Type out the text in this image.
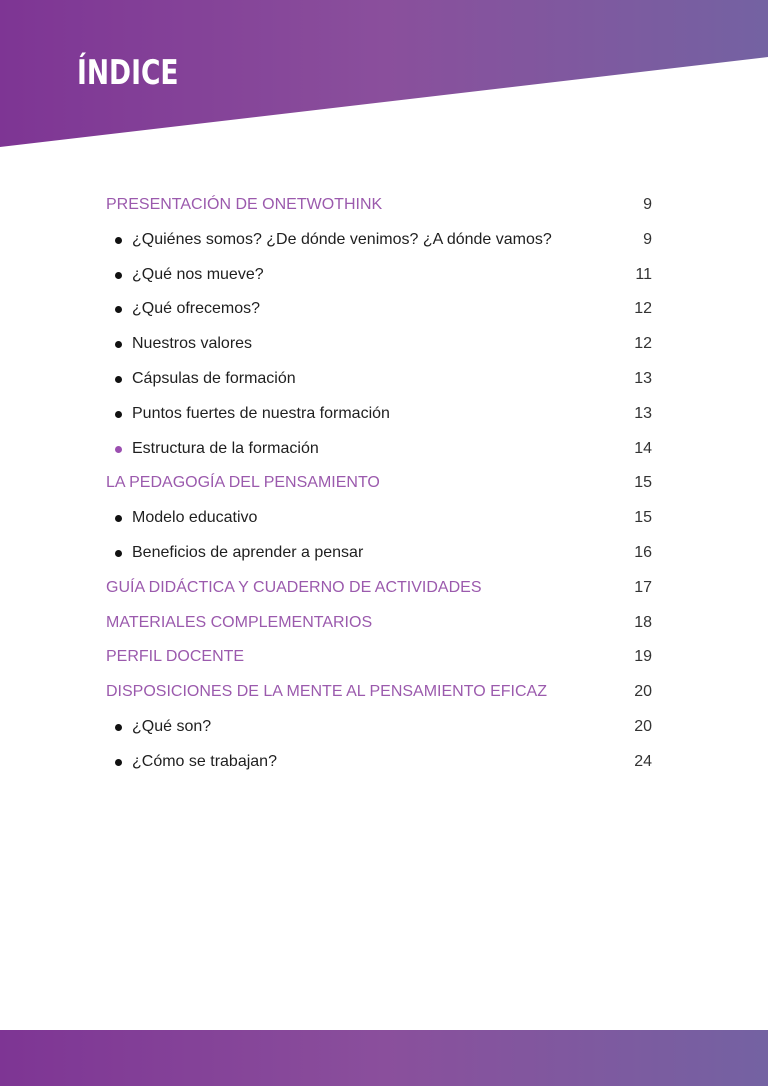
ÍNDICE
PRESENTACIÓN DE ONETWOTHINK	9
¿Quiénes somos? ¿De dónde venimos? ¿A dónde vamos?	9
¿Qué nos mueve?	11
¿Qué ofrecemos?	12
Nuestros valores	12
Cápsulas de formación	13
Puntos fuertes de nuestra formación	13
Estructura de la formación	14
LA PEDAGOGÍA DEL PENSAMIENTO	15
Modelo educativo	15
Beneficios de aprender a pensar	16
GUÍA DIDÁCTICA Y CUADERNO DE ACTIVIDADES	17
MATERIALES COMPLEMENTARIOS	18
PERFIL DOCENTE	19
DISPOSICIONES DE LA MENTE AL PENSAMIENTO EFICAZ	20
¿Qué son?	20
¿Cómo se trabajan?	24
